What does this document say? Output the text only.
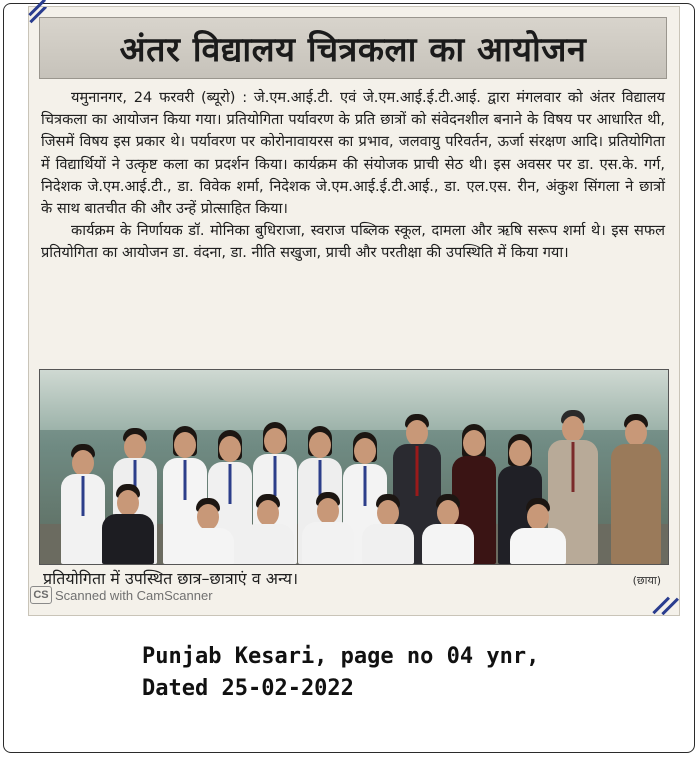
अंतर विद्यालय चित्रकला का आयोजन

यमुनानगर, 24 फरवरी (ब्यूरो) : जे.एम.आई.टी. एवं जे.एम.आई.ई.टी.आई. द्वारा मंगलवार को अंतर विद्यालय चित्रकला का आयोजन किया गया। प्रतियोगिता पर्यावरण के प्रति छात्रों को संवेदनशील बनाने के विषय पर आधारित थी, जिसमें विषय इस प्रकार थे। पर्यावरण पर कोरोनावायरस का प्रभाव, जलवायु परिवर्तन, ऊर्जा संरक्षण आदि। प्रतियोगिता में विद्यार्थियों ने उत्कृष्ट कला का प्रदर्शन किया। कार्यक्रम की संयोजक प्राची सेठ थी। इस अवसर पर डा. एस.के. गर्ग, निदेशक जे.एम.आई.टी., डा. विवेक शर्मा, निदेशक जे.एम.आई.ई.टी.आई., डा. एल.एस. रीन, अंकुश सिंगला ने छात्रों के साथ बातचीत की और उन्हें प्रोत्साहित किया।

कार्यक्रम के निर्णायक डॉ. मोनिका बुधिराजा, स्वराज पब्लिक स्कूल, दामला और ऋषि सरूप शर्मा थे। इस सफल प्रतियोगिता का आयोजन डा. वंदना, डा. नीति सखुजा, प्राची और परतीक्षा की उपस्थिति में किया गया।

प्रतियोगिता में उपस्थित छात्र–छात्राएं व अन्य।	(छाया)
CS Scanned with CamScanner
Punjab Kesari, page no 04 ynr,
Dated 25-02-2022
